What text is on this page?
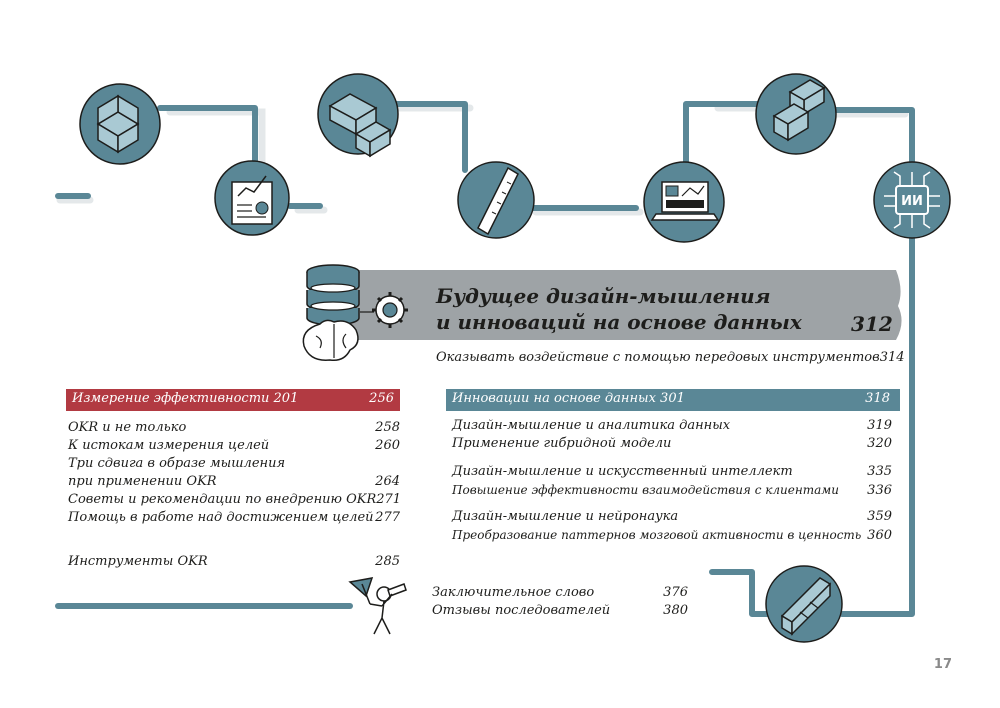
ИИ
Будущее дизайн-мышления
и инноваций на основе данных 312
Оказывать воздействие с помощью передовых инструментов 314
Измерение эффективности 201	256
OKR и не только	258
К истокам измерения целей	260
Три сдвига в образе мышления
при применении OKR	264
Советы и рекомендации по внедрению OKR 271
Помощь в работе над достижением целей 277
Инструменты OKR	285
Инновации на основе данных 301	318
Дизайн-мышление и аналитика данных	319
Применение гибридной модели	320
Дизайн-мышление и искусственный интеллект	335
Повышение эффективности взаимодействия с клиентами 336
Дизайн-мышление и нейронаука	359
Преобразование паттернов мозговой активности в ценность 360
Заключительное слово	376
Отзывы последователей	380
17
